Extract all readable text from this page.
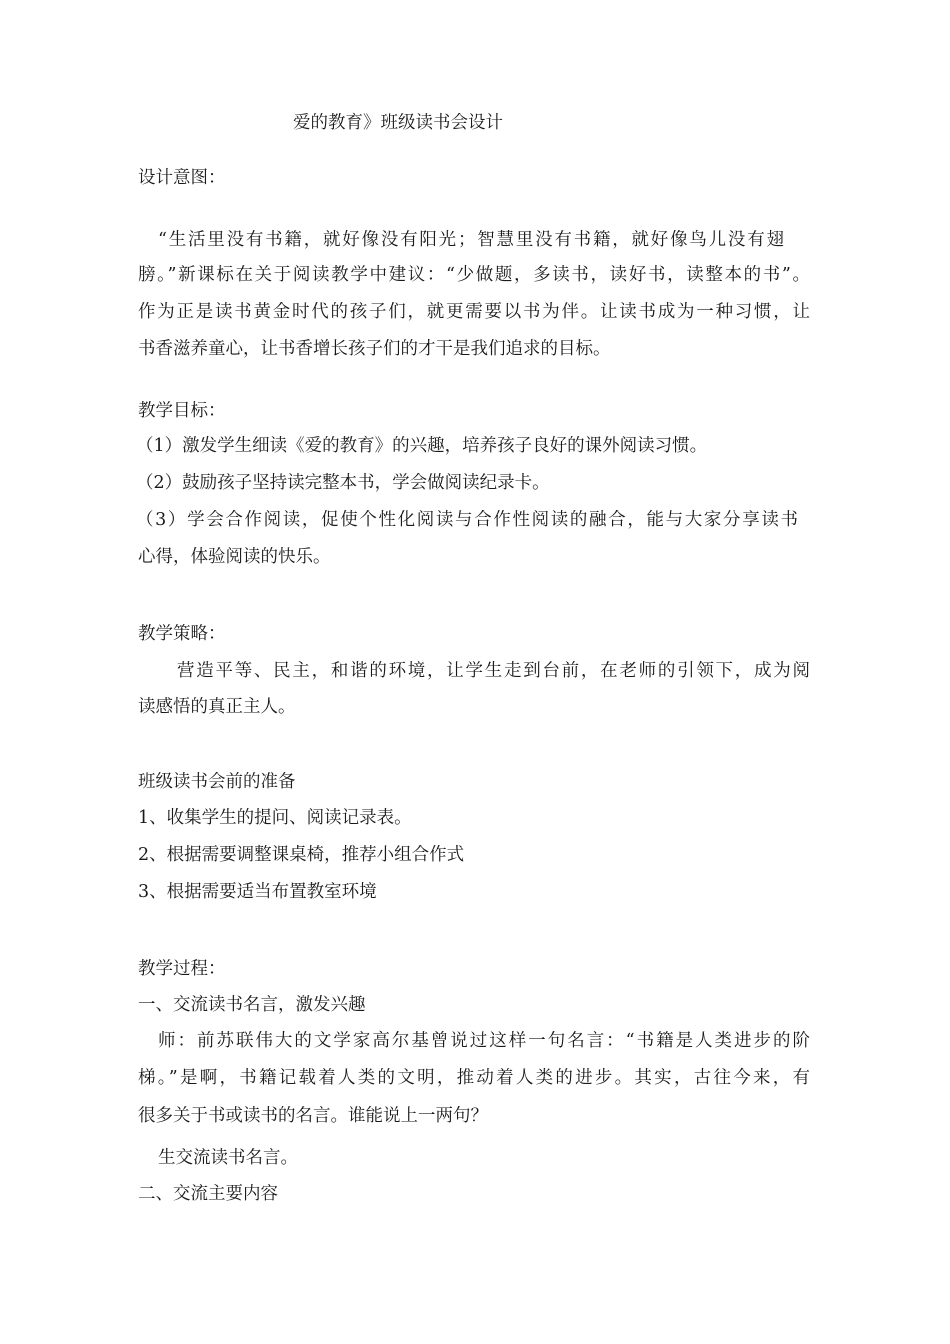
爱的教育》班级读书会设计
设计意图：
“生活里没有书籍，就好像没有阳光；智慧里没有书籍，就好像鸟儿没有翅
膀。”新课标在关于阅读教学中建议：“少做题，多读书，读好书，读整本的书”。
作为正是读书黄金时代的孩子们，就更需要以书为伴。让读书成为一种习惯，让
书香滋养童心，让书香增长孩子们的才干是我们追求的目标。
教学目标：
（1）激发学生细读《爱的教育》的兴趣，培养孩子良好的课外阅读习惯。
（2）鼓励孩子坚持读完整本书，学会做阅读纪录卡。
（3）学会合作阅读，促使个性化阅读与合作性阅读的融合，能与大家分享读书
心得，体验阅读的快乐。
教学策略：
营造平等、民主，和谐的环境，让学生走到台前，在老师的引领下，成为阅
读感悟的真正主人。
班级读书会前的准备
1、收集学生的提问、阅读记录表。
2、根据需要调整课桌椅，推荐小组合作式
3、根据需要适当布置教室环境
教学过程：
一、交流读书名言，激发兴趣
师：前苏联伟大的文学家高尔基曾说过这样一句名言：“书籍是人类进步的阶
梯。”是啊，书籍记载着人类的文明，推动着人类的进步。其实，古往今来，有
很多关于书或读书的名言。谁能说上一两句？
生交流读书名言。
二、交流主要内容
